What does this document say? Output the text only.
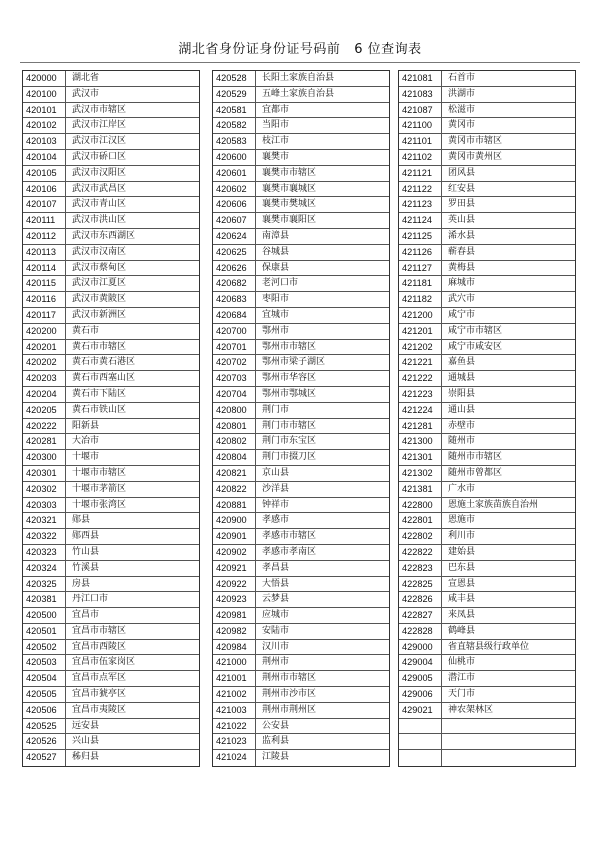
湖北省身份证身份证号码前   6 位查询表
420000	湖北省
420100	武汉市
420101	武汉市市辖区
420102	武汉市江岸区
420103	武汉市江汉区
420104	武汉市硚口区
420105	武汉市汉阳区
420106	武汉市武昌区
420107	武汉市青山区
420111	武汉市洪山区
420112	武汉市东西湖区
420113	武汉市汉南区
420114	武汉市蔡甸区
420115	武汉市江夏区
420116	武汉市黄陂区
420117	武汉市新洲区
420200	黄石市
420201	黄石市市辖区
420202	黄石市黄石港区
420203	黄石市西塞山区
420204	黄石市下陆区
420205	黄石市铁山区
420222	阳新县
420281	大冶市
420300	十堰市
420301	十堰市市辖区
420302	十堰市茅箭区
420303	十堰市张湾区
420321	郧县
420322	郧西县
420323	竹山县
420324	竹溪县
420325	房县
420381	丹江口市
420500	宜昌市
420501	宜昌市市辖区
420502	宜昌市西陵区
420503	宜昌市伍家岗区
420504	宜昌市点军区
420505	宜昌市猇亭区
420506	宜昌市夷陵区
420525	远安县
420526	兴山县
420527	秭归县
420528	长阳土家族自治县
420529	五峰土家族自治县
420581	宜都市
420582	当阳市
420583	枝江市
420600	襄樊市
420601	襄樊市市辖区
420602	襄樊市襄城区
420606	襄樊市樊城区
420607	襄樊市襄阳区
420624	南漳县
420625	谷城县
420626	保康县
420682	老河口市
420683	枣阳市
420684	宜城市
420700	鄂州市
420701	鄂州市市辖区
420702	鄂州市梁子湖区
420703	鄂州市华容区
420704	鄂州市鄂城区
420800	荆门市
420801	荆门市市辖区
420802	荆门市东宝区
420804	荆门市掇刀区
420821	京山县
420822	沙洋县
420881	钟祥市
420900	孝感市
420901	孝感市市辖区
420902	孝感市孝南区
420921	孝昌县
420922	大悟县
420923	云梦县
420981	应城市
420982	安陆市
420984	汉川市
421000	荆州市
421001	荆州市市辖区
421002	荆州市沙市区
421003	荆州市荆州区
421022	公安县
421023	监利县
421024	江陵县
421081	石首市
421083	洪湖市
421087	松滋市
421100	黄冈市
421101	黄冈市市辖区
421102	黄冈市黄州区
421121	团风县
421122	红安县
421123	罗田县
421124	英山县
421125	浠水县
421126	蕲春县
421127	黄梅县
421181	麻城市
421182	武穴市
421200	咸宁市
421201	咸宁市市辖区
421202	咸宁市咸安区
421221	嘉鱼县
421222	通城县
421223	崇阳县
421224	通山县
421281	赤壁市
421300	随州市
421301	随州市市辖区
421302	随州市曾都区
421381	广水市
422800	恩施土家族苗族自治州
422801	恩施市
422802	利川市
422822	建始县
422823	巴东县
422825	宣恩县
422826	咸丰县
422827	来凤县
422828	鹤峰县
429000	省直辖县级行政单位
429004	仙桃市
429005	潜江市
429006	天门市
429021	神农架林区
